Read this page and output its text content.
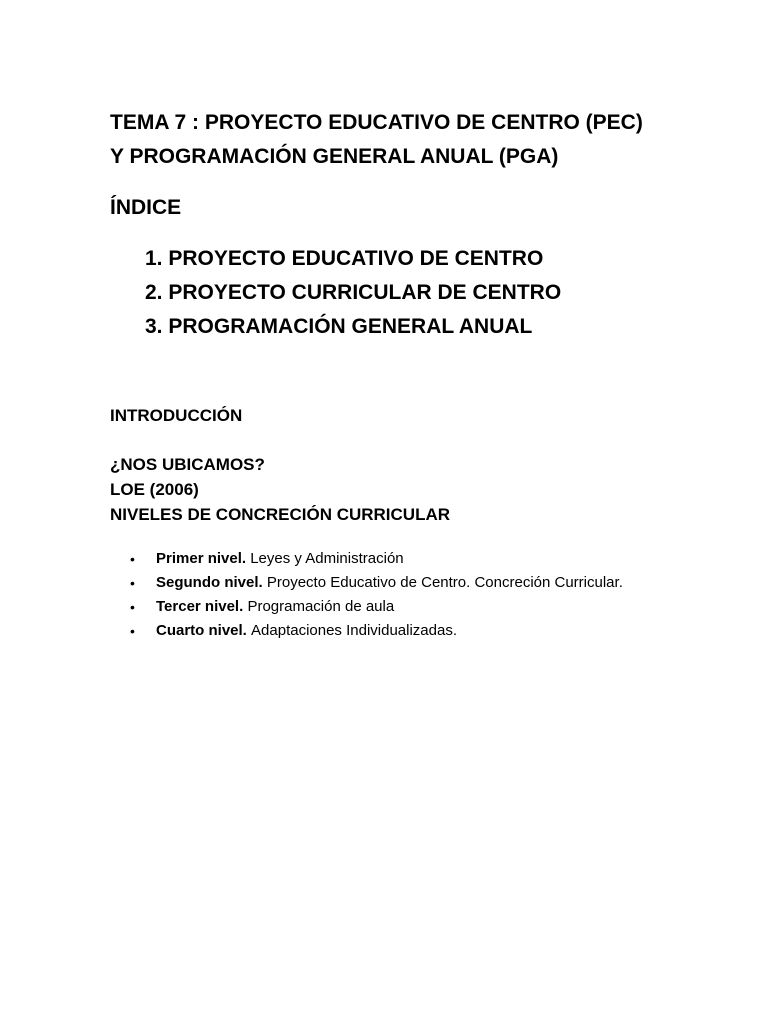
TEMA 7 : PROYECTO EDUCATIVO DE CENTRO (PEC)
Y PROGRAMACIÓN GENERAL ANUAL (PGA)
ÍNDICE
1. PROYECTO EDUCATIVO DE CENTRO
2. PROYECTO CURRICULAR DE CENTRO
3. PROGRAMACIÓN GENERAL ANUAL
INTRODUCCIÓN
¿NOS UBICAMOS?
LOE (2006)
NIVELES DE CONCRECIÓN CURRICULAR
• Primer nivel. Leyes y Administración
• Segundo nivel. Proyecto Educativo de Centro. Concreción Curricular.
• Tercer nivel. Programación de aula
• Cuarto nivel. Adaptaciones Individualizadas.
